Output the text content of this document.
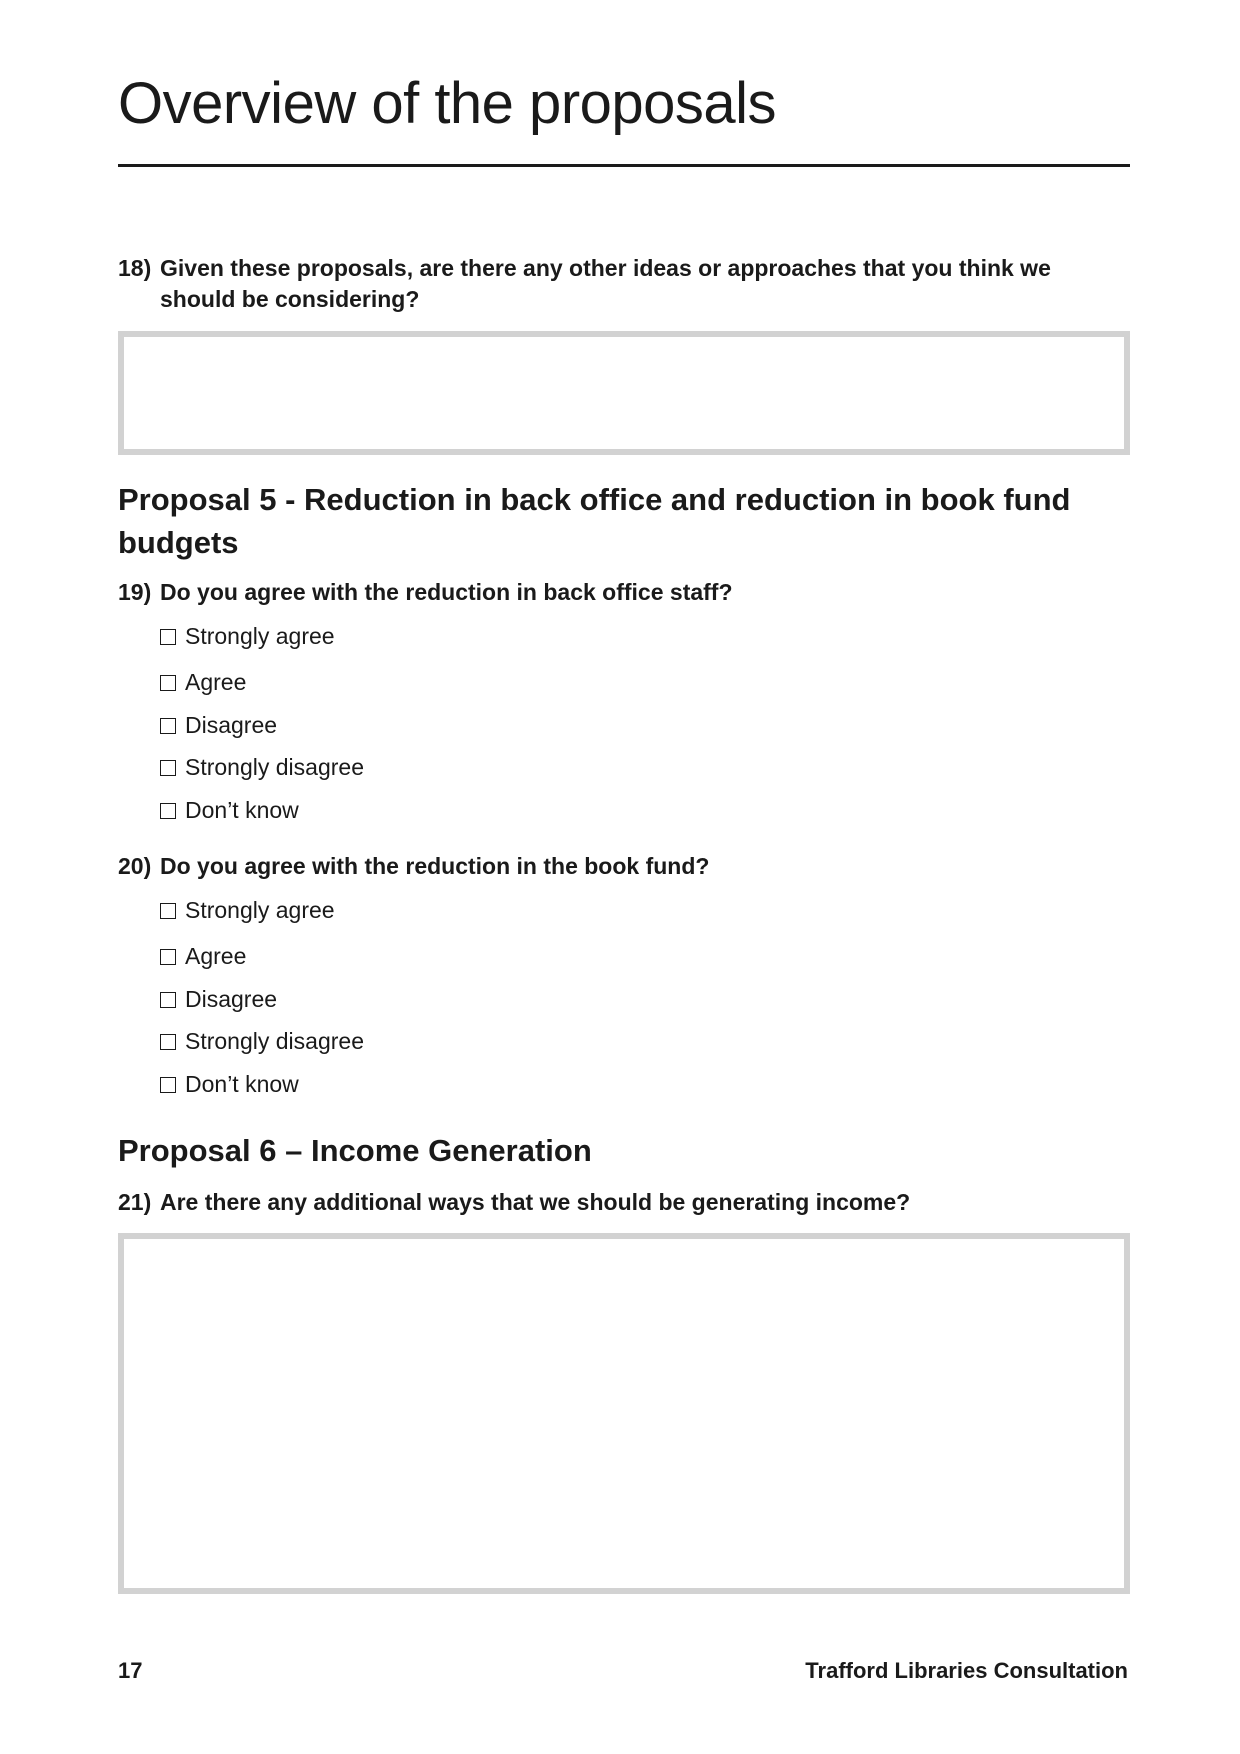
Overview of the proposals

18) Given these proposals, are there any other ideas or approaches that you think we should be considering?

Proposal 5 - Reduction in back office and reduction in book fund budgets

19) Do you agree with the reduction in back office staff?

Strongly agree
Agree
Disagree
Strongly disagree
Don’t know

20) Do you agree with the reduction in the book fund?

Strongly agree
Agree
Disagree
Strongly disagree
Don’t know
Proposal 6 – Income Generation

21) Are there any additional ways that we should be generating income?

17	Trafford Libraries Consultation
